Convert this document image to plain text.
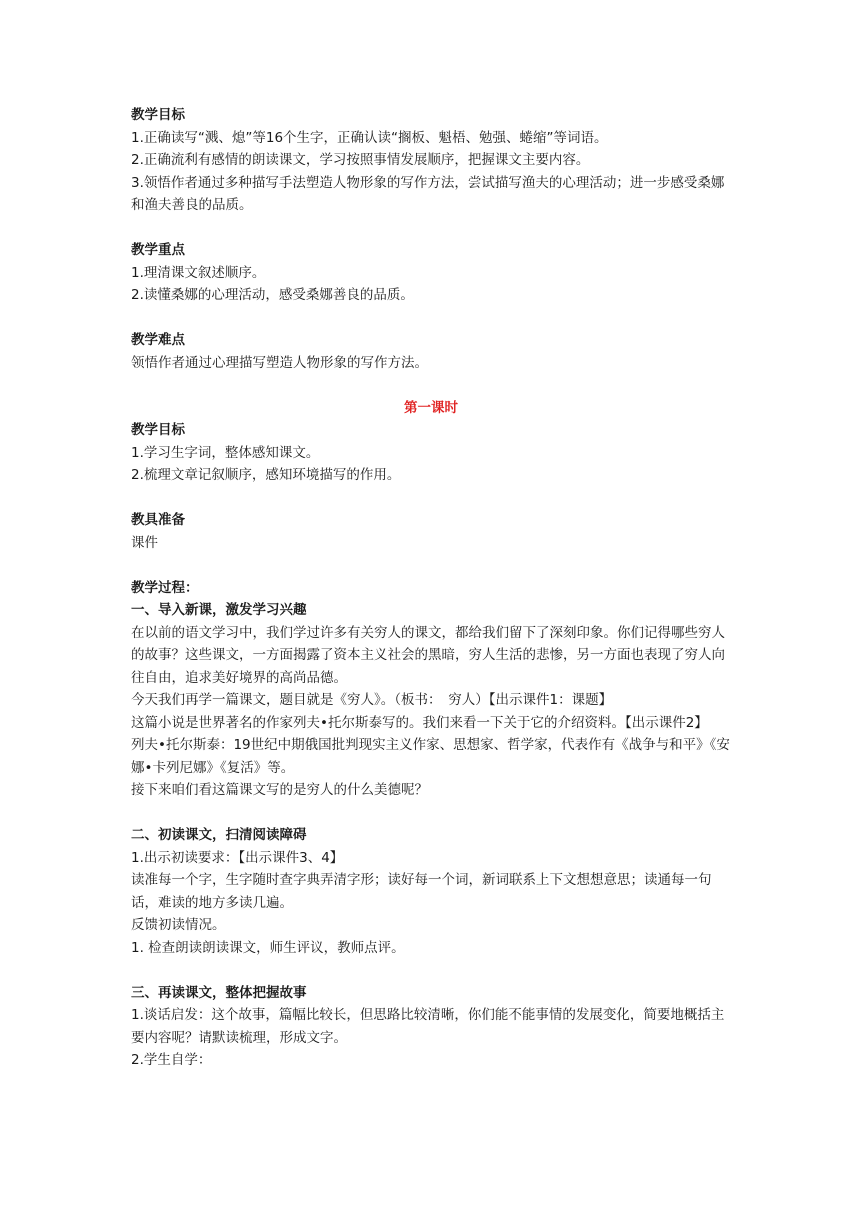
教学目标

1.正确读写“溅、熄”等16个生字，正确认读“搁板、魁梧、勉强、蜷缩”等词语。

2.正确流利有感情的朗读课文，学习按照事情发展顺序，把握课文主要内容。

3.领悟作者通过多种描写手法塑造人物形象的写作方法，尝试描写渔夫的心理活动；进一步感受桑娜和渔夫善良的品质。

教学重点

1.理清课文叙述顺序。

2.读懂桑娜的心理活动，感受桑娜善良的品质。

教学难点

领悟作者通过心理描写塑造人物形象的写作方法。

第一课时

教学目标

1.学习生字词，整体感知课文。

2.梳理文章记叙顺序，感知环境描写的作用。

教具准备

课件

教学过程：

一、导入新课，激发学习兴趣

在以前的语文学习中，我们学过许多有关穷人的课文，都给我们留下了深刻印象。你们记得哪些穷人的故事？这些课文，一方面揭露了资本主义社会的黑暗，穷人生活的悲惨，另一方面也表现了穷人向往自由，追求美好境界的高尚品德。

今天我们再学一篇课文，题目就是《穷人》。（板书：　穷人）【出示课件1：课题】

这篇小说是世界著名的作家列夫•托尔斯泰写的。我们来看一下关于它的介绍资料。【出示课件2】

列夫•托尔斯泰：19世纪中期俄国批判现实主义作家、思想家、哲学家，代表作有《战争与和平》《安娜•卡列尼娜》《复活》等。

接下来咱们看这篇课文写的是穷人的什么美德呢？

二、初读课文，扫清阅读障碍

1.出示初读要求：【出示课件3、4】

读准每一个字，生字随时查字典弄清字形；读好每一个词，新词联系上下文想想意思；读通每一句话，难读的地方多读几遍。

反馈初读情况。

1. 检查朗读朗读课文，师生评议，教师点评。

三、再读课文，整体把握故事

1.谈话启发：这个故事，篇幅比较长，但思路比较清晰，你们能不能事情的发展变化，简要地概括主要内容呢？请默读梳理，形成文字。

2.学生自学：
